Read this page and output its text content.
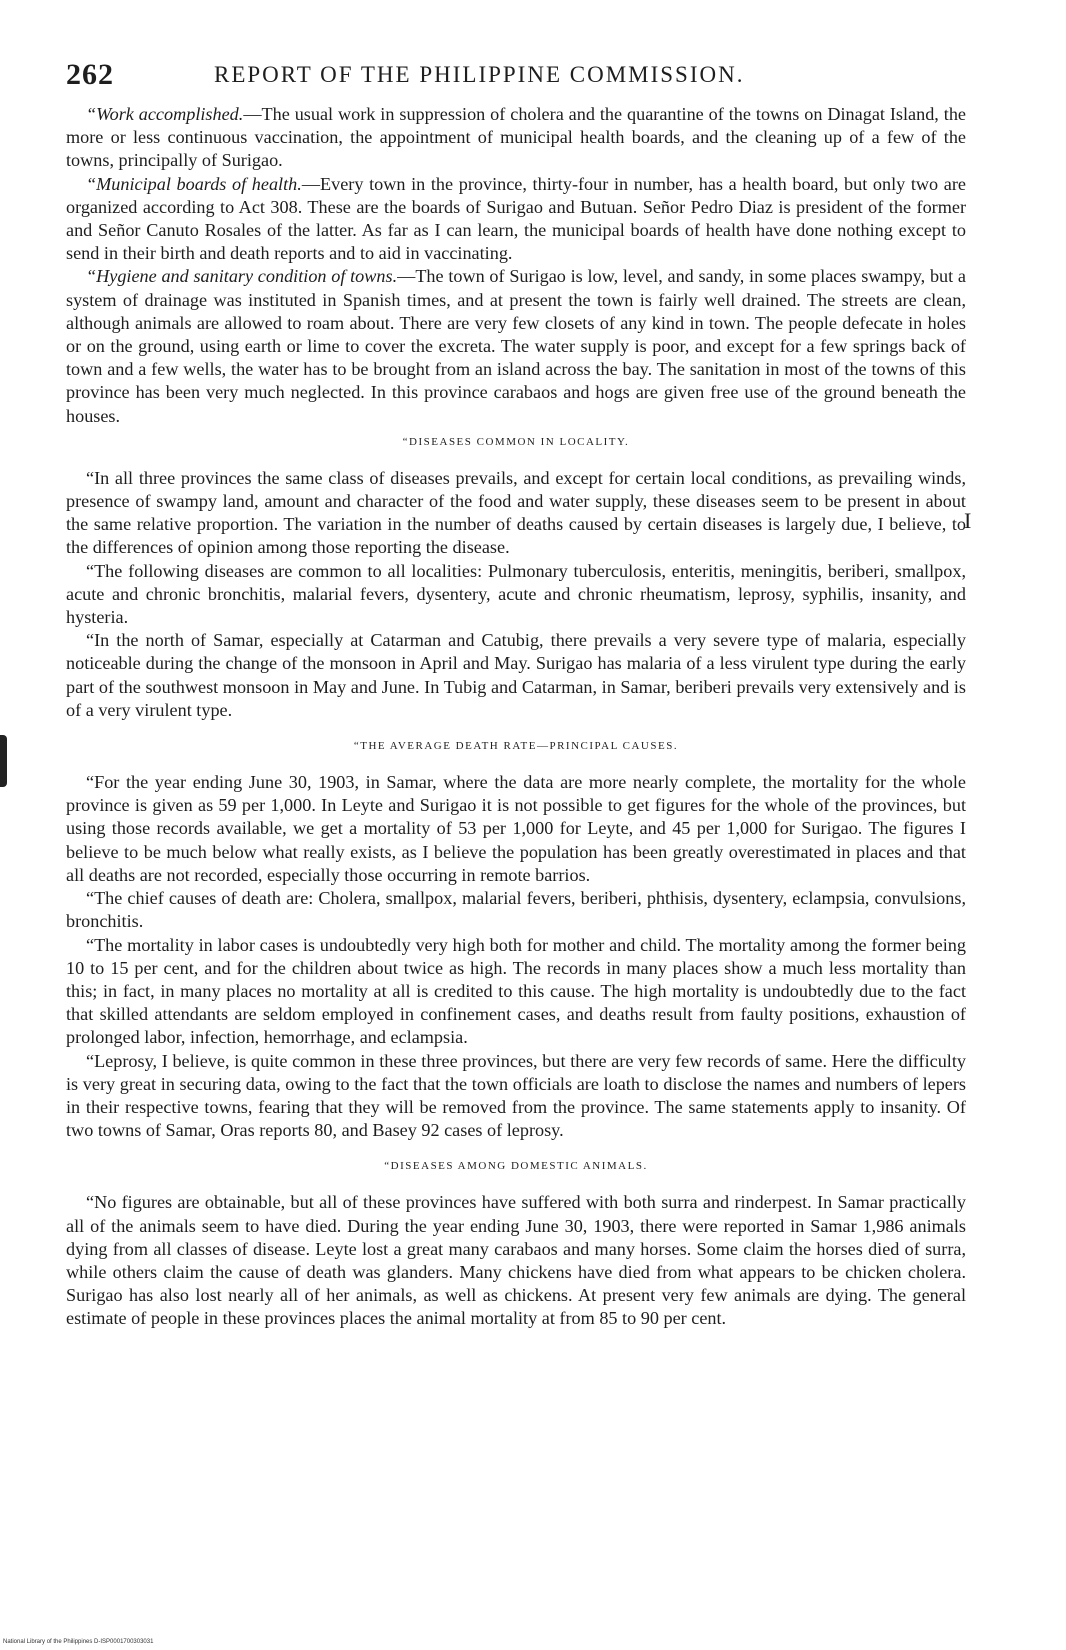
262	REPORT OF THE PHILIPPINE COMMISSION.

“Work accomplished.—The usual work in suppression of cholera and the quarantine of the towns on Dinagat Island, the more or less continuous vaccination, the appointment of municipal health boards, and the cleaning up of a few of the towns, principally of Surigao.

“Municipal boards of health.—Every town in the province, thirty-four in number, has a health board, but only two are organized according to Act 308. These are the boards of Surigao and Butuan. Señor Pedro Diaz is president of the former and Señor Canuto Rosales of the latter. As far as I can learn, the municipal boards of health have done nothing except to send in their birth and death reports and to aid in vaccinating.

“Hygiene and sanitary condition of towns.—The town of Surigao is low, level, and sandy, in some places swampy, but a system of drainage was instituted in Spanish times, and at present the town is fairly well drained. The streets are clean, although animals are allowed to roam about. There are very few closets of any kind in town. The people defecate in holes or on the ground, using earth or lime to cover the excreta. The water supply is poor, and except for a few springs back of town and a few wells, the water has to be brought from an island across the bay. The sanitation in most of the towns of this province has been very much neglected. In this province carabaos and hogs are given free use of the ground beneath the houses.

“DISEASES COMMON IN LOCALITY.

“In all three provinces the same class of diseases prevails, and except for certain local conditions, as prevailing winds, presence of swampy land, amount and character of the food and water supply, these diseases seem to be present in about the same relative proportion. The variation in the number of deaths caused by certain diseases is largely due, I believe, to the differences of opinion among those reporting the disease.

“The following diseases are common to all localities: Pulmonary tuberculosis, enteritis, meningitis, beriberi, smallpox, acute and chronic bronchitis, malarial fevers, dysentery, acute and chronic rheumatism, leprosy, syphilis, insanity, and hysteria.

“In the north of Samar, especially at Catarman and Catubig, there prevails a very severe type of malaria, especially noticeable during the change of the monsoon in April and May. Surigao has malaria of a less virulent type during the early part of the southwest monsoon in May and June. In Tubig and Catarman, in Samar, beriberi prevails very extensively and is of a very virulent type.

“THE AVERAGE DEATH RATE—PRINCIPAL CAUSES.

“For the year ending June 30, 1903, in Samar, where the data are more nearly complete, the mortality for the whole province is given as 59 per 1,000. In Leyte and Surigao it is not possible to get figures for the whole of the provinces, but using those records available, we get a mortality of 53 per 1,000 for Leyte, and 45 per 1,000 for Surigao. The figures I believe to be much below what really exists, as I believe the population has been greatly overestimated in places and that all deaths are not recorded, especially those occurring in remote barrios.

“The chief causes of death are: Cholera, smallpox, malarial fevers, beriberi, phthisis, dysentery, eclampsia, convulsions, bronchitis.

“The mortality in labor cases is undoubtedly very high both for mother and child. The mortality among the former being 10 to 15 per cent, and for the children about twice as high. The records in many places show a much less mortality than this; in fact, in many places no mortality at all is credited to this cause. The high mortality is undoubtedly due to the fact that skilled attendants are seldom employed in confinement cases, and deaths result from faulty positions, exhaustion of prolonged labor, infection, hemorrhage, and eclampsia.

“Leprosy, I believe, is quite common in these three provinces, but there are very few records of same. Here the difficulty is very great in securing data, owing to the fact that the town officials are loath to disclose the names and numbers of lepers in their respective towns, fearing that they will be removed from the province. The same statements apply to insanity. Of two towns of Samar, Oras reports 80, and Basey 92 cases of leprosy.

“DISEASES AMONG DOMESTIC ANIMALS.

“No figures are obtainable, but all of these provinces have suffered with both surra and rinderpest. In Samar practically all of the animals seem to have died. During the year ending June 30, 1903, there were reported in Samar 1,986 animals dying from all classes of disease. Leyte lost a great many carabaos and many horses. Some claim the horses died of surra, while others claim the cause of death was glanders. Many chickens have died from what appears to be chicken cholera. Surigao has also lost nearly all of her animals, as well as chickens. At present very few animals are dying. The general estimate of people in these provinces places the animal mortality at from 85 to 90 per cent.

I
National Library of the Philippines D-ISP0001700303031
